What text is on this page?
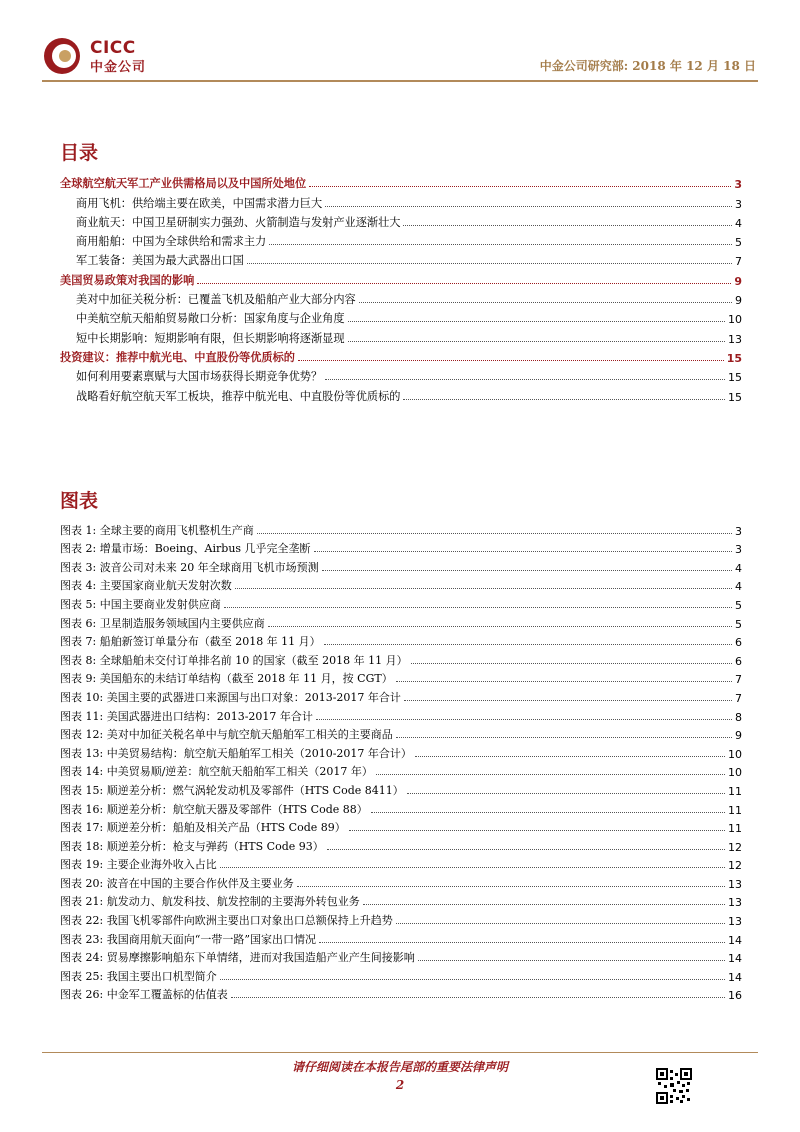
CICC
中金公司	中金公司研究部: 2018 年 12 月 18 日
目录
全球航空航天军工产业供需格局以及中国所处地位	3
商用飞机：供给端主要在欧美，中国需求潜力巨大	3
商业航天：中国卫星研制实力强劲、火箭制造与发射产业逐渐壮大	4
商用船舶：中国为全球供给和需求主力	5
军工装备：美国为最大武器出口国	7
美国贸易政策对我国的影响	9
美对中加征关税分析：已覆盖飞机及船舶产业大部分内容	9
中美航空航天船舶贸易敞口分析：国家角度与企业角度	10
短中长期影响：短期影响有限，但长期影响将逐渐显现	13
投资建议：推荐中航光电、中直股份等优质标的	15
如何利用要素禀赋与大国市场获得长期竞争优势？	15
战略看好航空航天军工板块，推荐中航光电、中直股份等优质标的	15
图表
图表 1: 全球主要的商用飞机整机生产商	3
图表 2: 增量市场：Boeing、Airbus 几乎完全垄断	3
图表 3: 波音公司对未来 20 年全球商用飞机市场预测	4
图表 4: 主要国家商业航天发射次数	4
图表 5: 中国主要商业发射供应商	5
图表 6: 卫星制造服务领域国内主要供应商	5
图表 7: 船舶新签订单量分布（截至 2018 年 11 月）	6
图表 8: 全球船舶未交付订单排名前 10 的国家（截至 2018 年 11 月）	6
图表 9: 美国船东的未结订单结构（截至 2018 年 11 月，按 CGT）	7
图表 10: 美国主要的武器进口来源国与出口对象：2013-2017 年合计	7
图表 11: 美国武器进出口结构：2013-2017 年合计	8
图表 12: 美对中加征关税名单中与航空航天船舶军工相关的主要商品	9
图表 13: 中美贸易结构：航空航天船舶军工相关（2010-2017 年合计）	10
图表 14: 中美贸易顺/逆差：航空航天船舶军工相关（2017 年）	10
图表 15: 顺逆差分析：燃气涡轮发动机及零部件（HTS Code 8411）	11
图表 16: 顺逆差分析：航空航天器及零部件（HTS Code 88）	11
图表 17: 顺逆差分析：船舶及相关产品（HTS Code 89）	11
图表 18: 顺逆差分析：枪支与弹药（HTS Code 93）	12
图表 19: 主要企业海外收入占比	12
图表 20: 波音在中国的主要合作伙伴及主要业务	13
图表 21: 航发动力、航发科技、航发控制的主要海外转包业务	13
图表 22: 我国飞机零部件向欧洲主要出口对象出口总额保持上升趋势	13
图表 23: 我国商用航天面向“一带一路”国家出口情况	14
图表 24: 贸易摩擦影响船东下单情绪，进而对我国造船产业产生间接影响	14
图表 25: 我国主要出口机型简介	14
图表 26: 中金军工覆盖标的估值表	16
请仔细阅读在本报告尾部的重要法律声明
2
